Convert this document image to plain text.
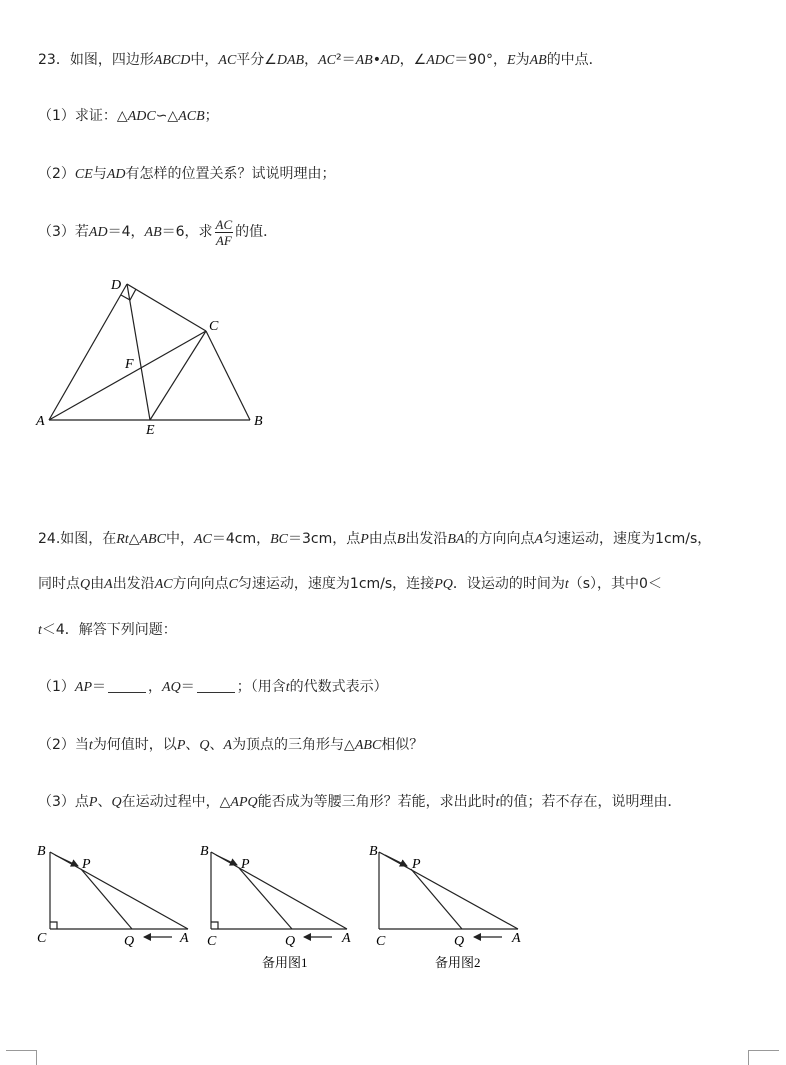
23．如图，四边形ABCD中，AC平分∠DAB，AC²＝AB•AD，∠ADC＝90°，E为AB的中点．
（1）求证：△ADC∽△ACB；
（2）CE与AD有怎样的位置关系？试说明理由；
（3）若AD＝4，AB＝6，求 $\frac{AC}{AF}$ 的值．
D
C
F
A
E
B
24.如图，在Rt△ABC中，AC＝4cm，BC＝3cm，点P由点B出发沿BA的方向向点A匀速运动，速度为1cm/s，
同时点Q由A出发沿AC方向向点C匀速运动，速度为1cm/s，连接PQ．设运动的时间为t（s），其中0＜
t＜4．解答下列问题：
（1）AP＝	，AQ＝	；（用含t的代数式表示）
（2）当t为何值时，以P、Q、A为顶点的三角形与△ABC相似？
（3）点P、Q在运动过程中，△APQ能否成为等腰三角形？若能，求出此时t的值；若不存在，说明理由．
B
P
C	Q	A
B
P
C	Q	A
备用图1
B
P
C	Q	A
备用图2
